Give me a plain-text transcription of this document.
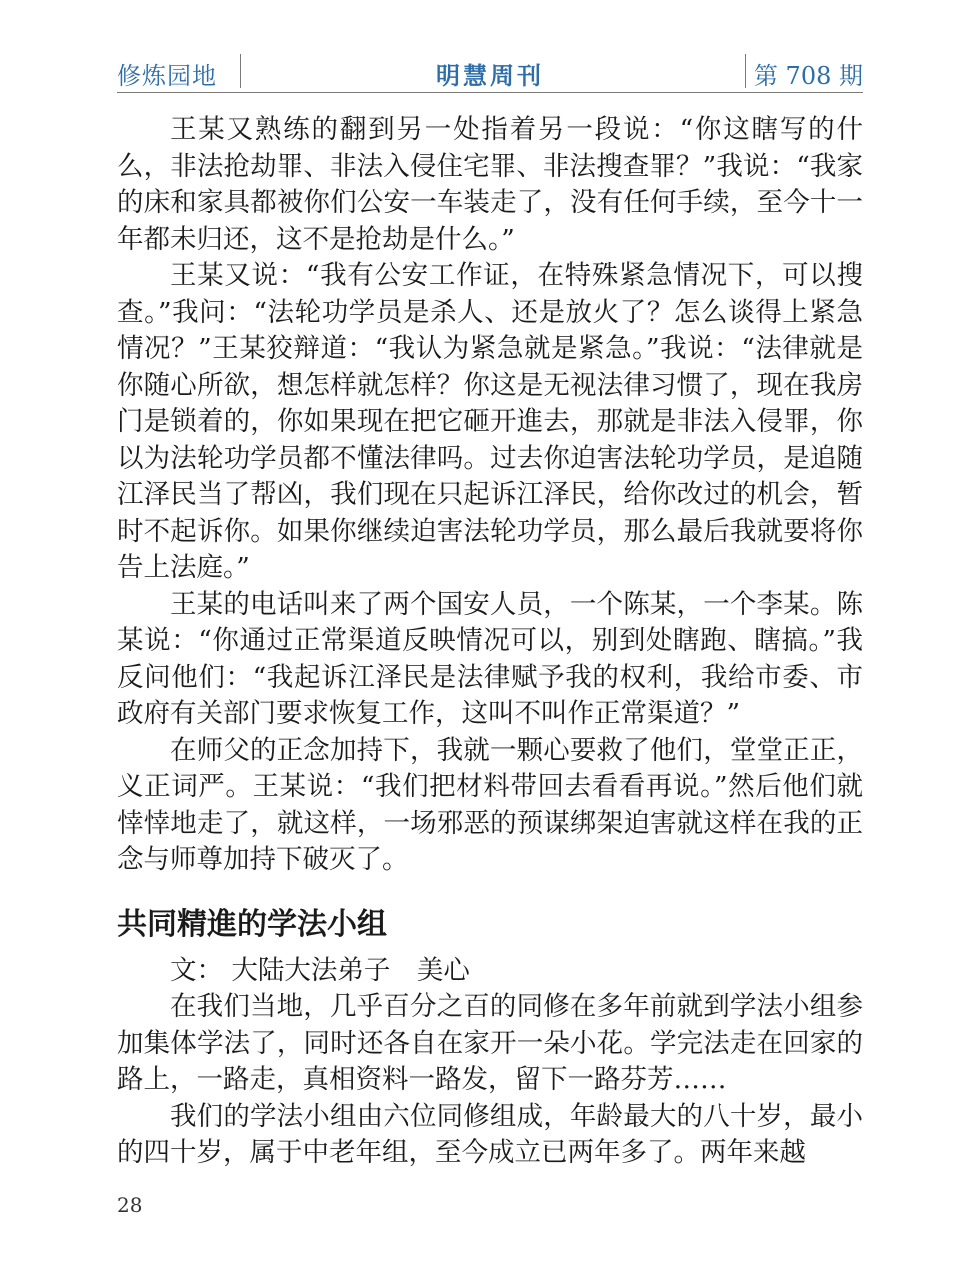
修炼园地	明慧周刊	第 708 期

王某又熟练的翻到另一处指着另一段说：“你这瞎写的什么，非法抢劫罪、非法入侵住宅罪、非法搜查罪？”我说：“我家的床和家具都被你们公安一车装走了，没有任何手续，至今十一年都未归还，这不是抢劫是什么。”

王某又说：“我有公安工作证，在特殊紧急情况下，可以搜查。”我问：“法轮功学员是杀人、还是放火了？怎么谈得上紧急情况？”王某狡辩道：“我认为紧急就是紧急。”我说：“法律就是你随心所欲，想怎样就怎样？你这是无视法律习惯了，现在我房门是锁着的，你如果现在把它砸开進去，那就是非法入侵罪，你以为法轮功学员都不懂法律吗。过去你迫害法轮功学员，是追随江泽民当了帮凶，我们现在只起诉江泽民，给你改过的机会，暂时不起诉你。如果你继续迫害法轮功学员，那么最后我就要将你告上法庭。”

王某的电话叫来了两个国安人员，一个陈某，一个李某。陈某说：“你通过正常渠道反映情况可以，别到处瞎跑、瞎搞。”我反问他们：“我起诉江泽民是法律赋予我的权利，我给市委、市政府有关部门要求恢复工作，这叫不叫作正常渠道？”

在师父的正念加持下，我就一颗心要救了他们，堂堂正正，义正词严。王某说：“我们把材料带回去看看再说。”然后他们就悻悻地走了，就这样，一场邪恶的预谋绑架迫害就这样在我的正念与师尊加持下破灭了。

共同精進的学法小组

文： 大陆大法弟子　美心

在我们当地，几乎百分之百的同修在多年前就到学法小组参加集体学法了，同时还各自在家开一朵小花。学完法走在回家的路上，一路走，真相资料一路发，留下一路芬芳……

我们的学法小组由六位同修组成，年龄最大的八十岁，最小的四十岁，属于中老年组，至今成立已两年多了。两年来越

28
